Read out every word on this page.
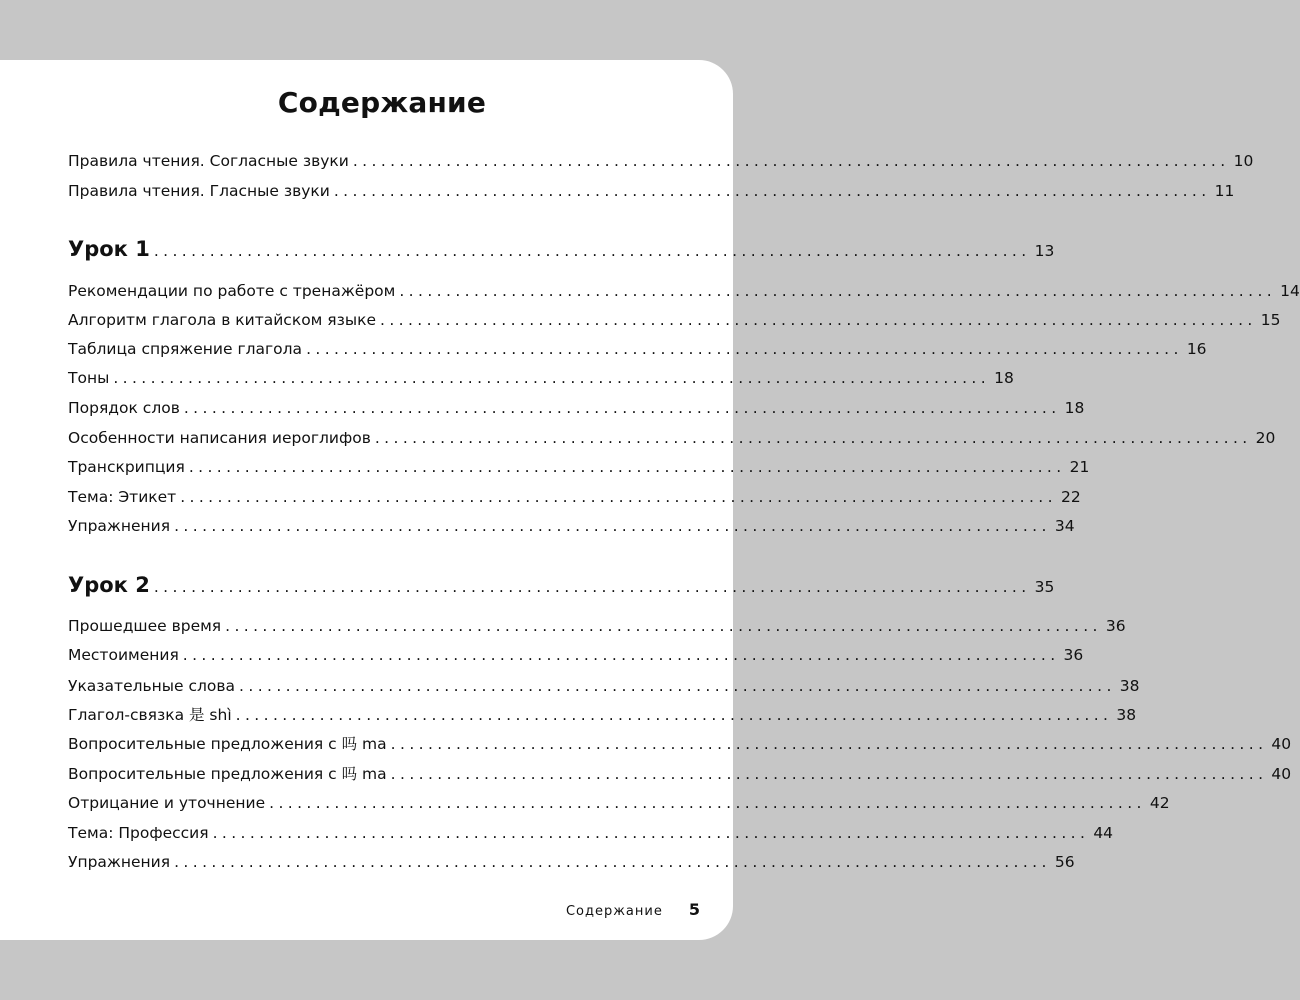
Содержание
Правила чтения. Согласные звуки .............................................................................................. 10
Правила чтения. Гласные звуки .............................................................................................. 11
Урок 1 .............................................................................................. 13
Рекомендации по работе с тренажёром .............................................................................................. 14
Алгоритм глагола в китайском языке .............................................................................................. 15
Таблица спряжение глагола .............................................................................................. 16
Тоны .............................................................................................. 18
Порядок слов .............................................................................................. 18
Особенности написания иероглифов .............................................................................................. 20
Транскрипция .............................................................................................. 21
Тема: Этикет .............................................................................................. 22
Упражнения .............................................................................................. 34
Урок 2 .............................................................................................. 35
Прошедшее время .............................................................................................. 36
Местоимения .............................................................................................. 36
Указательные слова .............................................................................................. 38
Глагол-связка 是 shì .............................................................................................. 38
Вопросительные предложения с 吗 ma .............................................................................................. 40
Вопросительные предложения с 吗 ma .............................................................................................. 40
Отрицание и уточнение .............................................................................................. 42
Тема: Профессия .............................................................................................. 44
Упражнения .............................................................................................. 56
Содержание 5
